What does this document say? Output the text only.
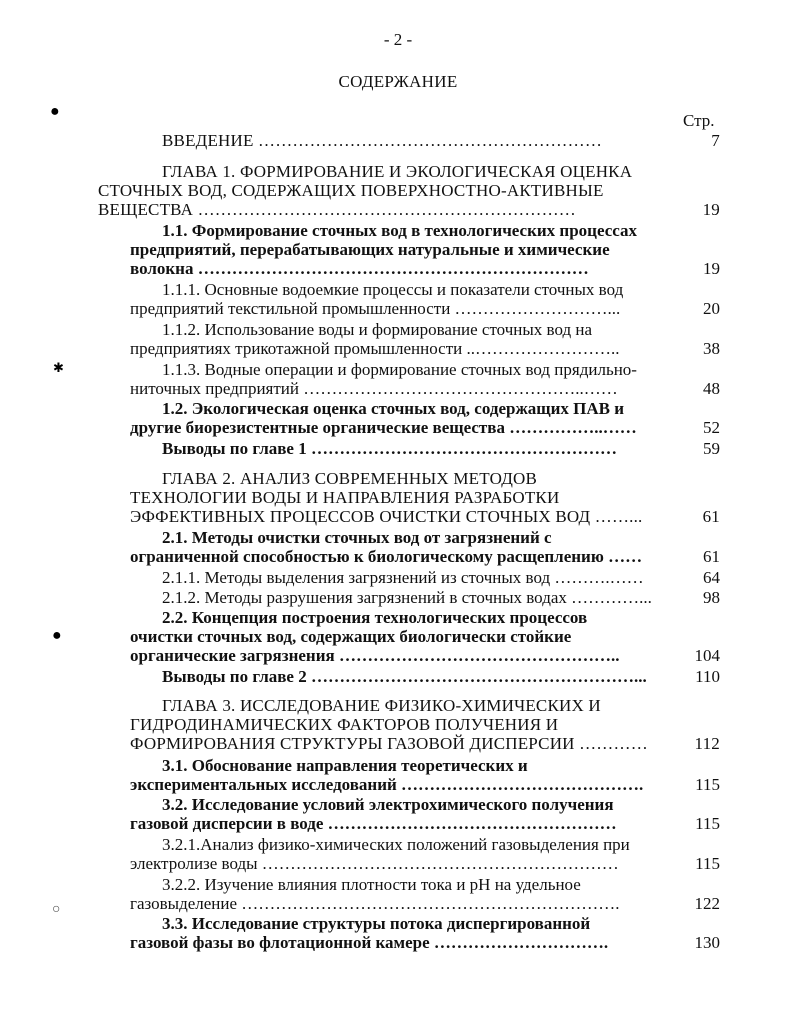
- 2 -
СОДЕРЖАНИЕ
Стр.
●
✱
●
○
ВВЕДЕНИЕ ……………………………………………………	7
ГЛАВА 1. ФОРМИРОВАНИЕ И ЭКОЛОГИЧЕСКАЯ ОЦЕНКА
СТОЧНЫХ ВОД, СОДЕРЖАЩИХ ПОВЕРХНОСТНО-АКТИВНЫЕ
ВЕЩЕСТВА …………………………………………………………	19
1.1. Формирование сточных вод в технологических процессах
предприятий, перерабатывающих натуральные и химические
волокна ……………………………………………………………	19
1.1.1. Основные водоемкие процессы и показатели сточных вод
предприятий текстильной промышленности ………………………...	20
1.1.2. Использование воды и формирование сточных вод на
предприятиях трикотажной промышленности ..……………………..	38
1.1.3. Водные операции и формирование сточных вод прядильно-
ниточных предприятий …………………………………………..……	48
1.2. Экологическая оценка сточных вод, содержащих ПАВ и
другие биорезистентные органические вещества ……………..……	52
Выводы по главе 1 ………………………………………………	59
ГЛАВА 2. АНАЛИЗ СОВРЕМЕННЫХ МЕТОДОВ
ТЕХНОЛОГИИ ВОДЫ И НАПРАВЛЕНИЯ РАЗРАБОТКИ
ЭФФЕКТИВНЫХ ПРОЦЕССОВ ОЧИСТКИ СТОЧНЫХ ВОД ……...	61
2.1. Методы очистки сточных вод от загрязнений с
ограниченной способностью к биологическому расщеплению ……	61
2.1.1. Методы выделения загрязнений из сточных вод ……….……	64
2.1.2. Методы разрушения загрязнений в сточных водах …………...	98
2.2. Концепция построения технологических процессов
очистки сточных вод, содержащих биологически стойкие
органические загрязнения …………………………………………..	104
Выводы по главе 2 …………………………………………………...	110
ГЛАВА 3. ИССЛЕДОВАНИЕ ФИЗИКО-ХИМИЧЕСКИХ И
ГИДРОДИНАМИЧЕСКИХ ФАКТОРОВ ПОЛУЧЕНИЯ И
ФОРМИРОВАНИЯ СТРУКТУРЫ ГАЗОВОЙ ДИСПЕРСИИ …………	112
3.1. Обоснование направления теоретических и
экспериментальных исследований …………………………………….	115
3.2. Исследование условий электрохимического получения
газовой дисперсии в воде ……………………………………………	115
3.2.1.Анализ физико-химических положений газовыделения при
электролизе воды ………………………………………………………	115
3.2.2. Изучение влияния плотности тока и pH на удельное
газовыделение ………………………………………………………….	122
3.3. Исследование структуры потока диспергированной
газовой фазы во флотационной камере ………………………….	130
